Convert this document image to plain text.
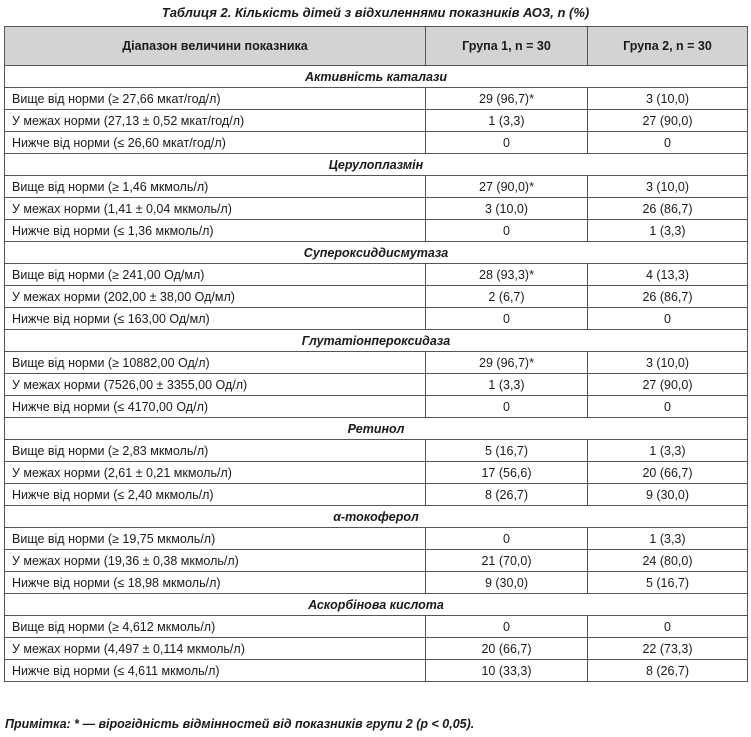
Таблиця 2. Кількість дітей з відхиленнями показників АОЗ, n (%)
Діапазон величини показника	Група 1, n = 30	Група 2, n = 30
Активність каталази		
Вище від норми (≥ 27,66 мкат/год/л)	29 (96,7)*	3 (10,0)
У межах норми (27,13 ± 0,52 мкат/год/л)	1 (3,3)	27 (90,0)
Нижче від норми (≤ 26,60 мкат/год/л)	0	0
Церулоплазмін		
Вище від норми (≥ 1,46 мкмоль/л)	27 (90,0)*	3 (10,0)
У межах норми (1,41 ± 0,04 мкмоль/л)	3 (10,0)	26 (86,7)
Нижче від норми (≤ 1,36 мкмоль/л)	0	1 (3,3)
Супероксиддисмутаза		
Вище від норми (≥ 241,00 Од/мл)	28 (93,3)*	4 (13,3)
У межах норми (202,00 ± 38,00 Од/мл)	2 (6,7)	26 (86,7)
Нижче від норми (≤ 163,00 Од/мл)	0	0
Глутатіонпероксидаза		
Вище від норми (≥ 10882,00 Од/л)	29 (96,7)*	3 (10,0)
У межах норми (7526,00 ± 3355,00 Од/л)	1 (3,3)	27 (90,0)
Нижче від норми (≤ 4170,00 Од/л)	0	0
Ретинол		
Вище від норми (≥ 2,83 мкмоль/л)	5 (16,7)	1 (3,3)
У межах норми (2,61 ± 0,21 мкмоль/л)	17 (56,6)	20 (66,7)
Нижче від норми (≤ 2,40 мкмоль/л)	8 (26,7)	9 (30,0)
α-токоферол		
Вище від норми (≥ 19,75 мкмоль/л)	0	1 (3,3)
У межах норми (19,36 ± 0,38 мкмоль/л)	21 (70,0)	24 (80,0)
Нижче від норми (≤ 18,98 мкмоль/л)	9 (30,0)	5 (16,7)
Аскорбінова кислота		
Вище від норми (≥ 4,612 мкмоль/л)	0	0
У межах норми (4,497 ± 0,114 мкмоль/л)	20 (66,7)	22 (73,3)
Нижче від норми (≤ 4,611 мкмоль/л)	10 (33,3)	8 (26,7)
Примітка: * — вірогідність відмінностей від показників групи 2 (р < 0,05).
